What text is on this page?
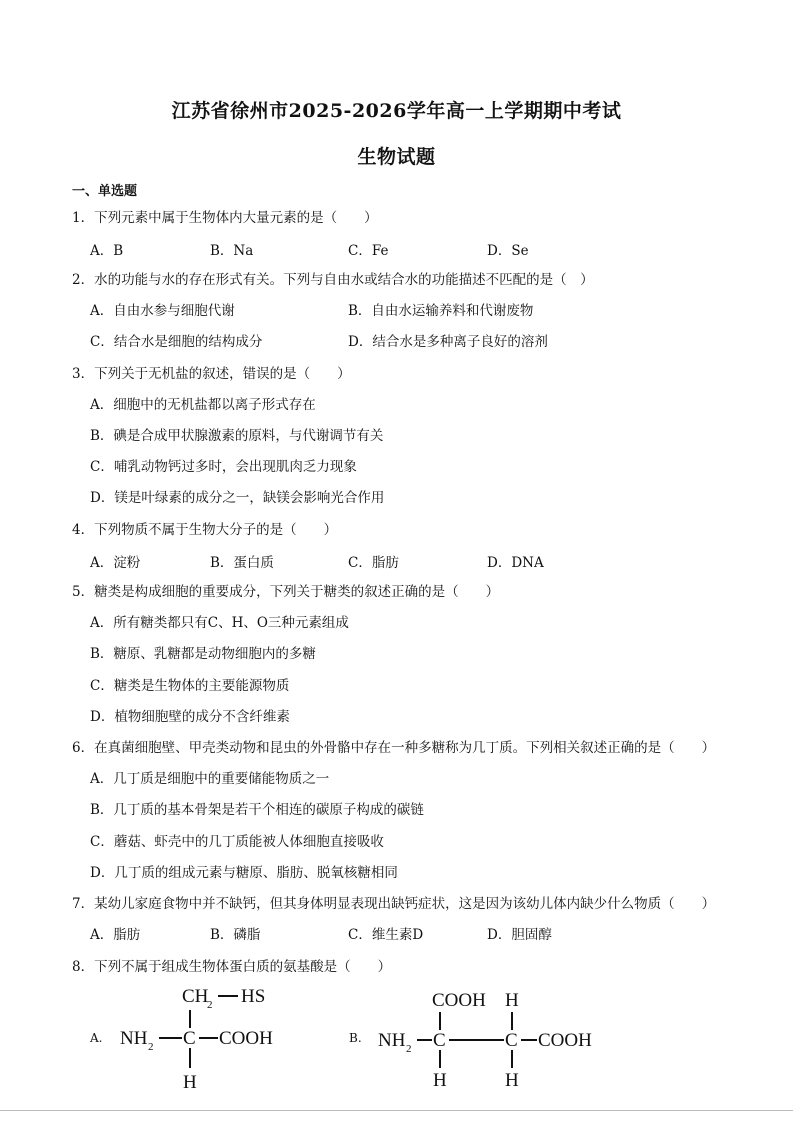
江苏省徐州市2025-2026学年高一上学期期中考试
生物试题
一、单选题
1．下列元素中属于生物体内大量元素的是（　　）
A．B	B．Na	C．Fe	D．Se
2．水的功能与水的存在形式有关。下列与自由水或结合水的功能描述不匹配的是（　）
A．自由水参与细胞代谢	B．自由水运输养料和代谢废物
C．结合水是细胞的结构成分	D．结合水是多种离子良好的溶剂
3．下列关于无机盐的叙述，错误的是（　　）
A．细胞中的无机盐都以离子形式存在
B．碘是合成甲状腺激素的原料，与代谢调节有关
C．哺乳动物钙过多时，会出现肌肉乏力现象
D．镁是叶绿素的成分之一，缺镁会影响光合作用
4．下列物质不属于生物大分子的是（　　）
A．淀粉	B．蛋白质	C．脂肪	D．DNA
5．糖类是构成细胞的重要成分，下列关于糖类的叙述正确的是（　　）
A．所有糖类都只有C、H、O三种元素组成
B．糖原、乳糖都是动物细胞内的多糖
C．糖类是生物体的主要能源物质
D．植物细胞壁的成分不含纤维素
6．在真菌细胞壁、甲壳类动物和昆虫的外骨骼中存在一种多糖称为几丁质。下列相关叙述正确的是（　　）
A．几丁质是细胞中的重要储能物质之一
B．几丁质的基本骨架是若干个相连的碳原子构成的碳链
C．蘑菇、虾壳中的几丁质能被人体细胞直接吸收
D．几丁质的组成元素与糖原、脂肪、脱氧核糖相同
7．某幼儿家庭食物中并不缺钙，但其身体明显表现出缺钙症状，这是因为该幼儿体内缺少什么物质（　　）
A．脂肪	B．磷脂	C．维生素D	D．胆固醇
8．下列不属于组成生物体蛋白质的氨基酸是（　　）
A.	B.
CH
2 HS
NH 2 C COOH
H
COOH H
NH 2 C	C COOH
H	H
